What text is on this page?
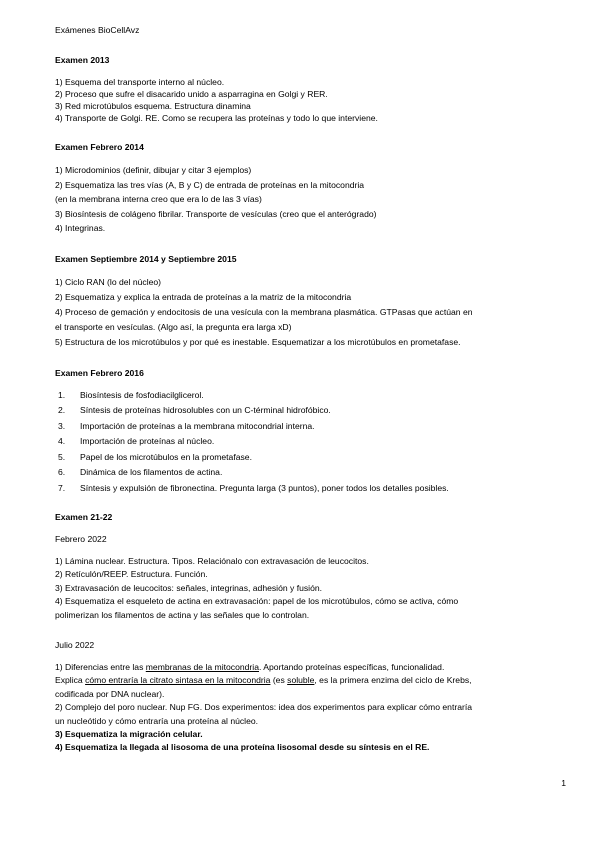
Exámenes BioCellAvz
Examen 2013
1) Esquema del transporte interno al núcleo.
2) Proceso que sufre el disacarido unido a asparragina en Golgi y RER.
3) Red microtúbulos esquema. Estructura dinamina
4) Transporte de Golgi. RE. Como se recupera las proteínas y todo lo que interviene.
Examen Febrero 2014
1) Microdominios (definir, dibujar y citar 3 ejemplos)
2) Esquematiza las tres vías (A, B y C) de entrada de proteínas en la mitocondria
(en la membrana interna creo que era lo de las 3 vías)
3) Biosíntesis de colágeno fibrilar. Transporte de vesículas (creo que el anterógrado)
4) Integrinas.
Examen Septiembre 2014 y Septiembre 2015
1) Ciclo RAN (lo del núcleo)
2) Esquematiza y explica la entrada de proteínas a la matriz de la mitocondria
4) Proceso de gemación y endocitosis de una vesícula con la membrana plasmática. GTPasas que actúan en
el transporte en vesículas. (Algo así, la pregunta era larga xD)
5) Estructura de los microtúbulos y por qué es inestable. Esquematizar a los microtúbulos en prometafase.
Examen Febrero 2016
1. Biosíntesis de fosfodiacilglicerol.
2. Síntesis de proteínas hidrosolubles con un C-términal hidrofóbico.
3. Importación de proteínas a la membrana mitocondrial interna.
4. Importación de proteínas al núcleo.
5. Papel de los microtúbulos en la prometafase.
6. Dinámica de los filamentos de actina.
7. Síntesis y expulsión de fibronectina. Pregunta larga (3 puntos), poner todos los detalles posibles.
Examen 21-22
Febrero 2022
1) Lámina nuclear. Estructura. Tipos. Relaciónalo con extravasación de leucocitos.
2) Retículón/REEP. Estructura. Función.
3) Extravasación de leucocitos: señales, integrinas, adhesión y fusión.
4) Esquematiza el esqueleto de actina en extravasación: papel de los microtúbulos, cómo se activa, cómo
polimerizan los filamentos de actina y las señales que lo controlan.
Julio 2022
1) Diferencias entre las membranas de la mitocondria. Aportando proteínas específicas, funcionalidad.
Explica cómo entraría la citrato sintasa en la mitocondria (es soluble, es la primera enzima del ciclo de Krebs,
codificada por DNA nuclear).
2) Complejo del poro nuclear. Nup FG. Dos experimentos: idea dos experimentos para explicar cómo entraría
un nucleótido y cómo entraría una proteína al núcleo.
3) Esquematiza la migración celular.
4) Esquematiza la llegada al lisosoma de una proteína lisosomal desde su síntesis en el RE.
1
